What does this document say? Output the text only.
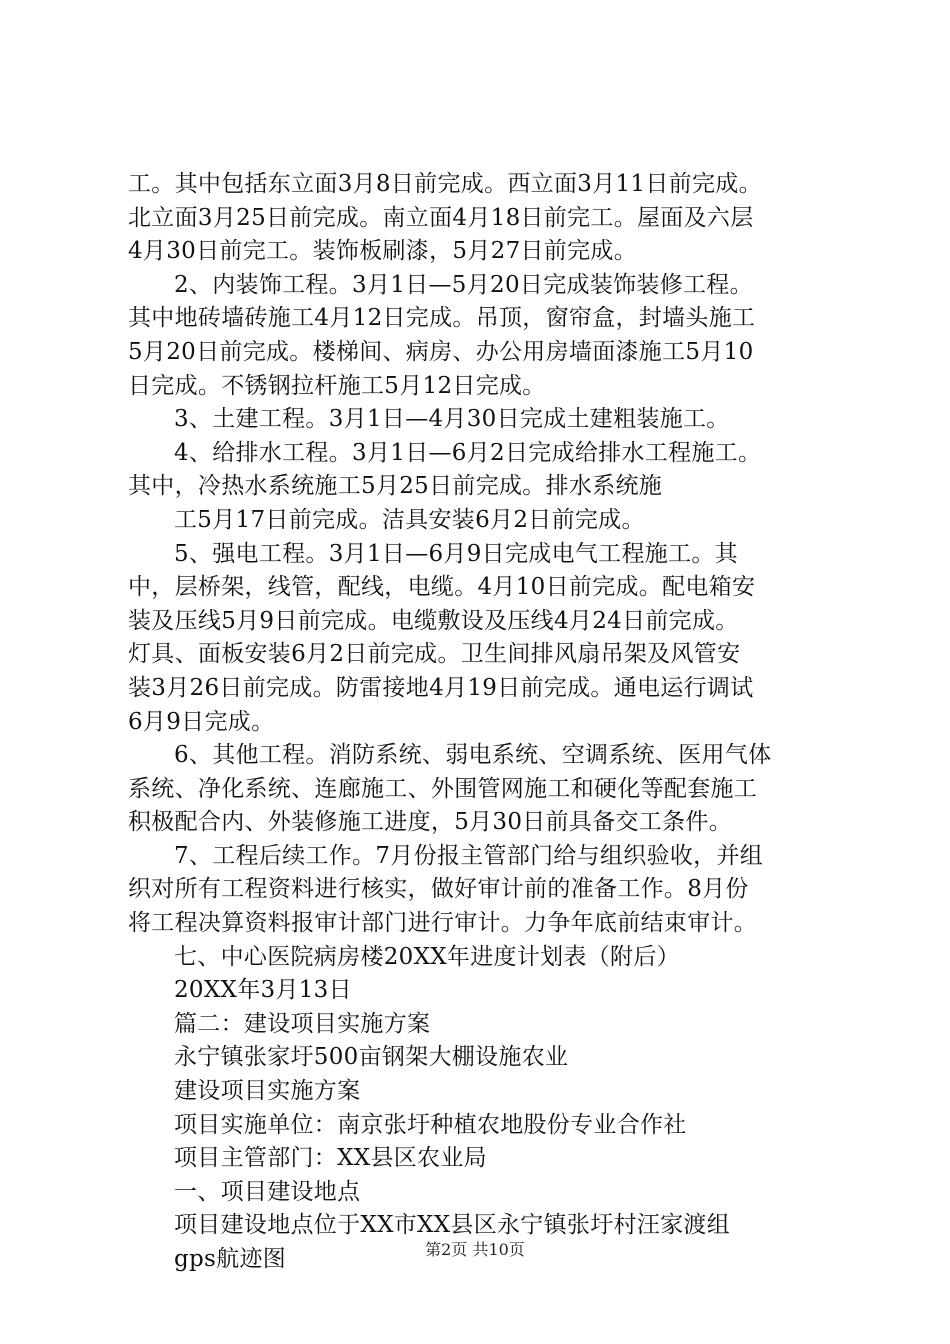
工。其中包括东立面3月8日前完成。西立面3月11日前完成。
北立面3月25日前完成。南立面4月18日前完工。屋面及六层
4月30日前完工。装饰板刷漆，5月27日前完成。
2、内装饰工程。3月1日—5月20日完成装饰装修工程。
其中地砖墙砖施工4月12日完成。吊顶，窗帘盒，封墙头施工
5月20日前完成。楼梯间、病房、办公用房墙面漆施工5月10
日完成。不锈钢拉杆施工5月12日完成。
3、土建工程。3月1日—4月30日完成土建粗装施工。
4、给排水工程。3月1日—6月2日完成给排水工程施工。
其中，冷热水系统施工5月25日前完成。排水系统施
工5月17日前完成。洁具安装6月2日前完成。
5、强电工程。3月1日—6月9日完成电气工程施工。其
中，层桥架，线管，配线，电缆。4月10日前完成。配电箱安
装及压线5月9日前完成。电缆敷设及压线4月24日前完成。
灯具、面板安装6月2日前完成。卫生间排风扇吊架及风管安
装3月26日前完成。防雷接地4月19日前完成。通电运行调试
6月9日完成。
6、其他工程。消防系统、弱电系统、空调系统、医用气体
系统、净化系统、连廊施工、外围管网施工和硬化等配套施工
积极配合内、外装修施工进度，5月30日前具备交工条件。
7、工程后续工作。7月份报主管部门给与组织验收，并组
织对所有工程资料进行核实，做好审计前的准备工作。8月份
将工程决算资料报审计部门进行审计。力争年底前结束审计。
七、中心医院病房楼20XX年进度计划表（附后）
20XX年3月13日
篇二：建设项目实施方案
永宁镇张家圩500亩钢架大棚设施农业
建设项目实施方案
项目实施单位：南京张圩种植农地股份专业合作社
项目主管部门：XX县区农业局
一、项目建设地点
项目建设地点位于XX市XX县区永宁镇张圩村汪家渡组
gps航迹图	第2页 共10页
